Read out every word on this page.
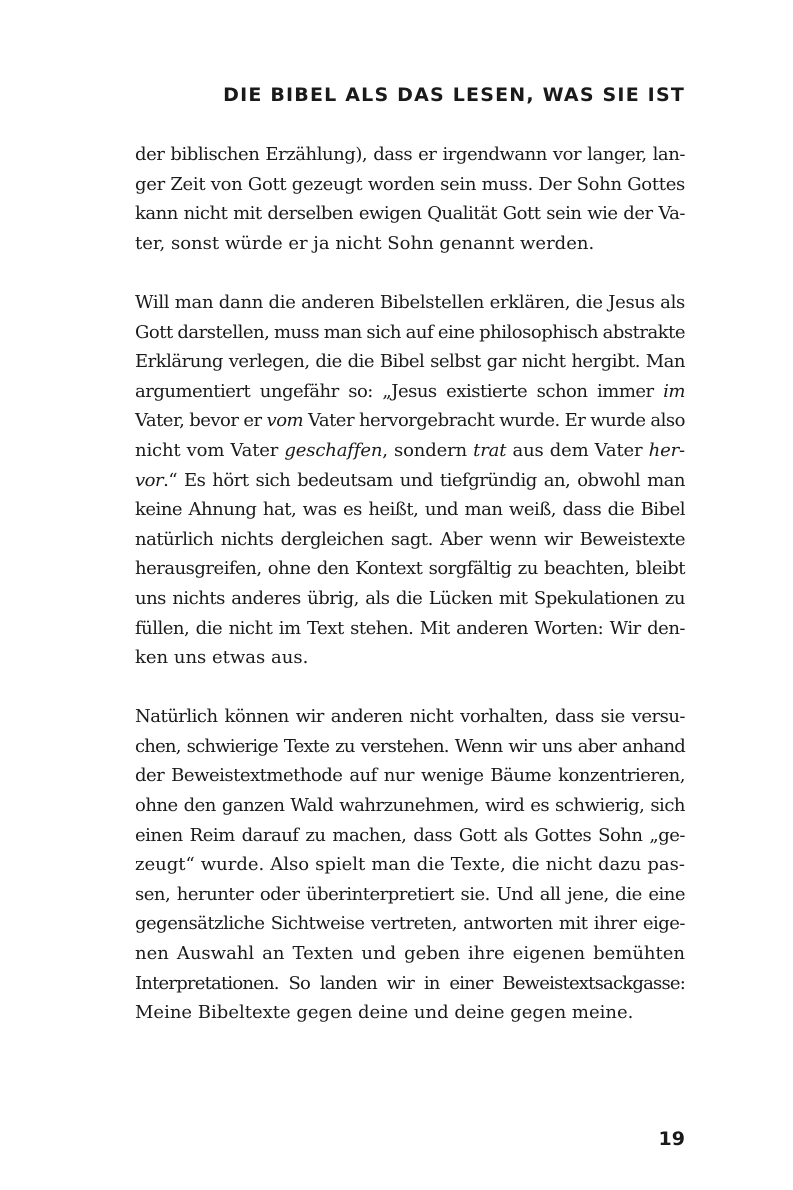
DIE BIBEL ALS DAS LESEN, WAS SIE IST

der biblischen Erzählung), dass er irgendwann vor langer, lan-
ger Zeit von Gott gezeugt worden sein muss. Der Sohn Gottes
kann nicht mit derselben ewigen Qualität Gott sein wie der Va-
ter, sonst würde er ja nicht Sohn genannt werden.

Will man dann die anderen Bibelstellen erklären, die Jesus als
Gott darstellen, muss man sich auf eine philosophisch abstrakte
Erklärung verlegen, die die Bibel selbst gar nicht hergibt. Man
argumentiert ungefähr so: „Jesus existierte schon immer im
Vater, bevor er vom Vater hervorgebracht wurde. Er wurde also
nicht vom Vater geschaffen, sondern trat aus dem Vater her-
vor.“ Es hört sich bedeutsam und tiefgründig an, obwohl man
keine Ahnung hat, was es heißt, und man weiß, dass die Bibel
natürlich nichts dergleichen sagt. Aber wenn wir Beweistexte
herausgreifen, ohne den Kontext sorgfältig zu beachten, bleibt
uns nichts anderes übrig, als die Lücken mit Spekulationen zu
füllen, die nicht im Text stehen. Mit anderen Worten: Wir den-
ken uns etwas aus.

Natürlich können wir anderen nicht vorhalten, dass sie versu-
chen, schwierige Texte zu verstehen. Wenn wir uns aber anhand
der Beweistextmethode auf nur wenige Bäume konzentrieren,
ohne den ganzen Wald wahrzunehmen, wird es schwierig, sich
einen Reim darauf zu machen, dass Gott als Gottes Sohn „ge-
zeugt“ wurde. Also spielt man die Texte, die nicht dazu pas-
sen, herunter oder überinterpretiert sie. Und all jene, die eine
gegensätzliche Sichtweise vertreten, antworten mit ihrer eige-
nen Auswahl an Texten und geben ihre eigenen bemühten
Interpretationen. So landen wir in einer Beweistextsackgasse:
Meine Bibeltexte gegen deine und deine gegen meine.

19
